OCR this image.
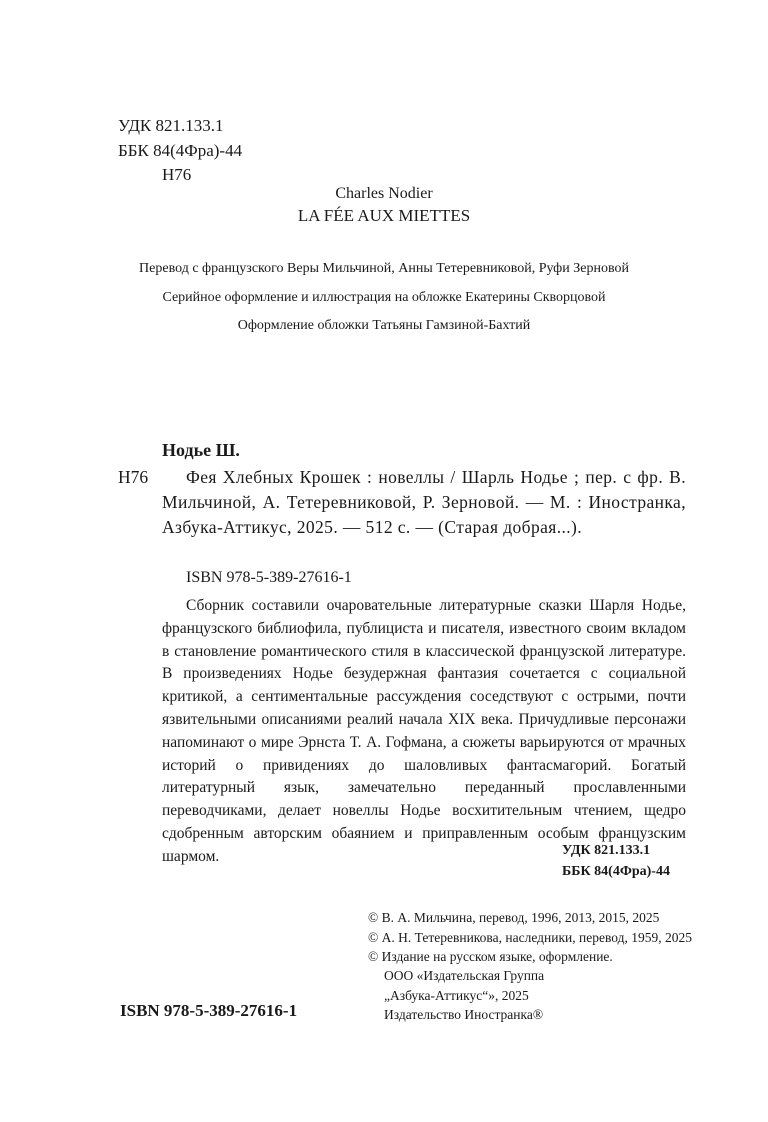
УДК 821.133.1
ББК 84(4Фра)-44
Н76
Charles Nodier
LA FÉE AUX MIETTES
Перевод с французского Веры Мильчиной, Анны Тетеревниковой, Руфи Зерновой
Серийное оформление и иллюстрация на обложке Екатерины Скворцовой
Оформление обложки Татьяны Гамзиной-Бахтий
Нодье Ш.
Н76	Фея Хлебных Крошек : новеллы / Шарль Нодье ; пер. с фр. В. Мильчиной, А. Тетеревниковой, Р. Зерновой. — М. : Иностранка, Азбука-Аттикус, 2025. — 512 с. — (Старая добрая...).
ISBN 978-5-389-27616-1
Сборник составили очаровательные литературные сказки Шарля Нодье, французского библиофила, публициста и писателя, известного своим вкладом в становление романтического стиля в классической французской литературе. В произведениях Нодье безудержная фантазия сочетается с социальной критикой, а сентиментальные рассуждения соседствуют с острыми, почти язвительными описаниями реалий начала XIX века. Причудливые персонажи напоминают о мире Эрнста Т. А. Гофмана, а сюжеты варьируются от мрачных историй о привидениях до шаловливых фантасмагорий. Богатый литературный язык, замечательно переданный прославленными переводчиками, делает новеллы Нодье восхитительным чтением, щедро сдобренным авторским обаянием и приправленным особым французским шармом.	УДК 821.133.1
ББК 84(4Фра)-44
© В. А. Мильчина, перевод, 1996, 2013, 2015, 2025
© А. Н. Тетеревникова, наследники, перевод, 1959, 2025
© Издание на русском языке, оформление.
ООО «Издательская Группа
„Азбука-Аттикус“», 2025
Издательство Иностранка®
ISBN 978-5-389-27616-1
